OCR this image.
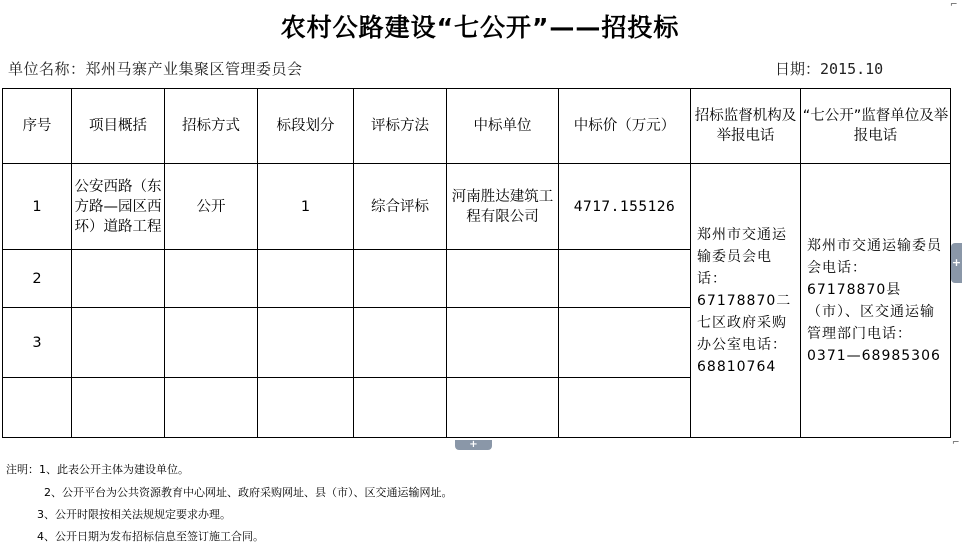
农村公路建设“七公开”——招投标
单位名称：郑州马寨产业集聚区管理委员会	日期：2015.10
序号	项目概括	招标方式	标段划分	评标方法	中标单位	中标价（万元）	招标监督机构及举报电话	“七公开”监督单位及举报电话
1	公安西路（东方路—园区西环）道路工程	公开	1	综合评标	河南胜达建筑工程有限公司	4717.155126	郑州市交通运输委员会电话：67178870二七区政府采购办公室电话：68810764	郑州市交通运输委员会电话：67178870县（市）、区交通运输管理部门电话：0371—68985306
2								
3								

+
+
⌐
⌐
注明：1、此表公开主体为建设单位。
2、公开平台为公共资源教育中心网址、政府采购网址、县（市）、区交通运输网址。
3、公开时限按相关法规规定要求办理。
4、公开日期为发布招标信息至签订施工合同。
